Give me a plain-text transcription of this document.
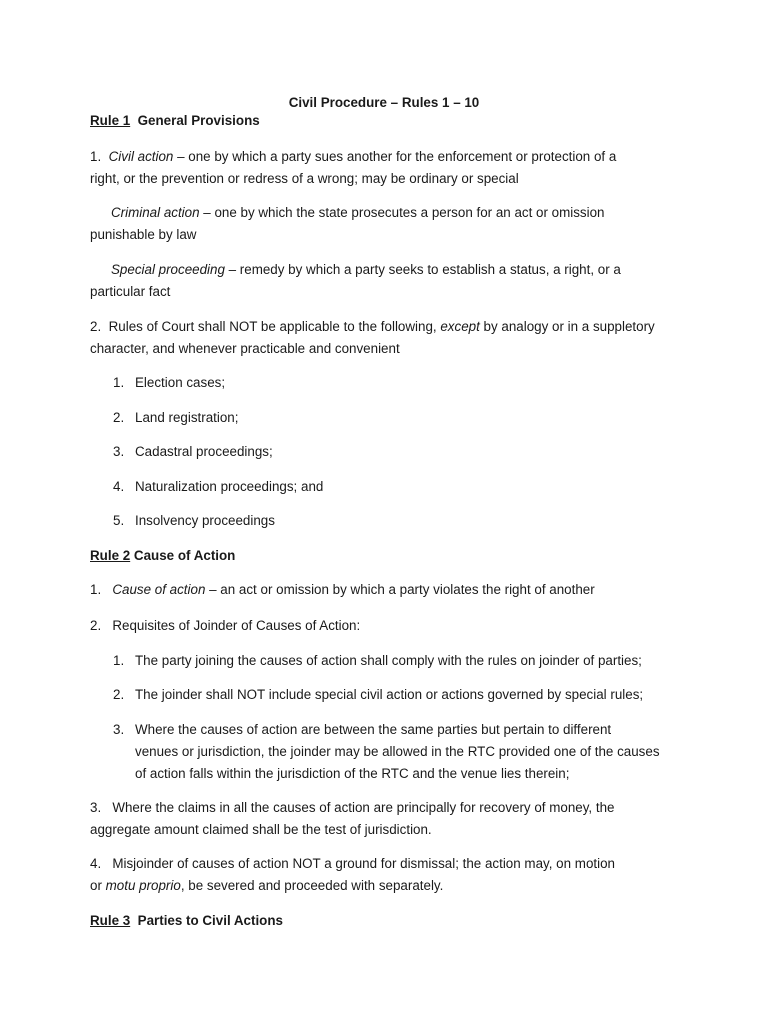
Civil Procedure – Rules 1 – 10
Rule 1 General Provisions
1. Civil action – one by which a party sues another for the enforcement or protection of a
right, or the prevention or redress of a wrong; may be ordinary or special
Criminal action – one by which the state prosecutes a person for an act or omission
punishable by law
Special proceeding – remedy by which a party seeks to establish a status, a right, or a
particular fact
2. Rules of Court shall NOT be applicable to the following, except by analogy or in a suppletory
character, and whenever practicable and convenient
1. Election cases;
2. Land registration;
3. Cadastral proceedings;
4. Naturalization proceedings; and
5. Insolvency proceedings
Rule 2 Cause of Action
1. Cause of action – an act or omission by which a party violates the right of another
2. Requisites of Joinder of Causes of Action:
1. The party joining the causes of action shall comply with the rules on joinder of parties;
2. The joinder shall NOT include special civil action or actions governed by special rules;
3. Where the causes of action are between the same parties but pertain to different
venues or jurisdiction, the joinder may be allowed in the RTC provided one of the causes
of action falls within the jurisdiction of the RTC and the venue lies therein;
3. Where the claims in all the causes of action are principally for recovery of money, the
aggregate amount claimed shall be the test of jurisdiction.
4. Misjoinder of causes of action NOT a ground for dismissal; the action may, on motion
or motu proprio, be severed and proceeded with separately.
Rule 3 Parties to Civil Actions
